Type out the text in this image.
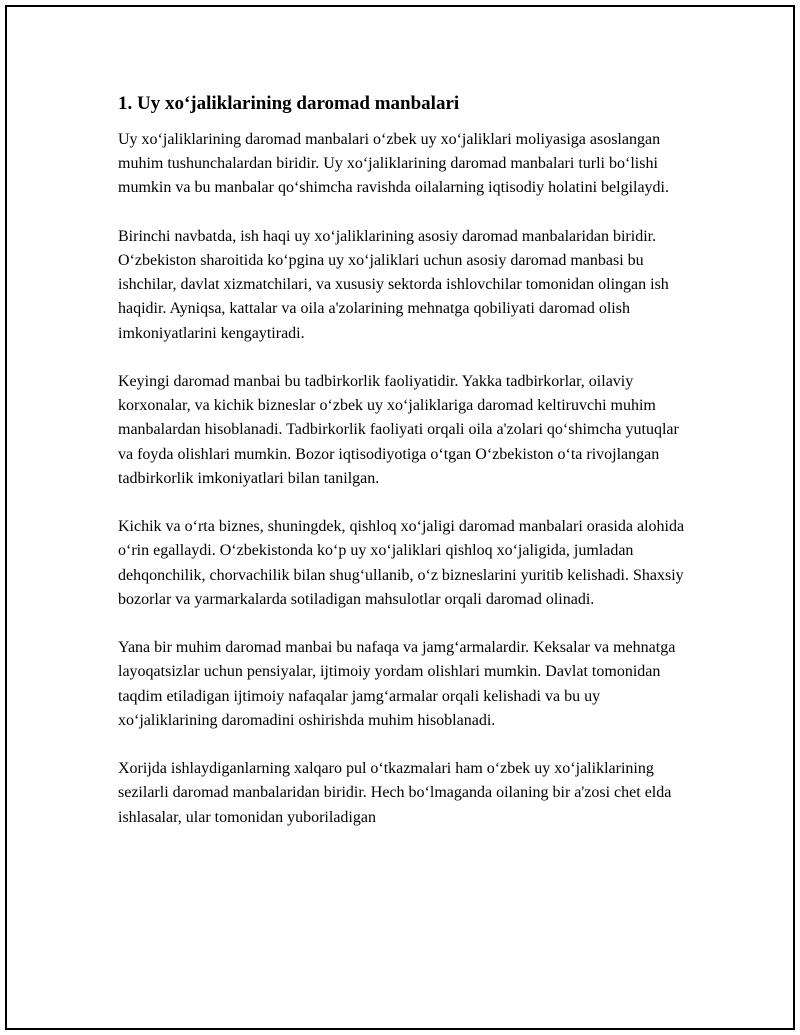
1. Uy xo‘jaliklarining daromad manbalari

Uy xo‘jaliklarining daromad manbalari o‘zbek uy xo‘jaliklari moliyasiga asoslangan muhim tushunchalardan biridir. Uy xo‘jaliklarining daromad manbalari turli bo‘lishi mumkin va bu manbalar qo‘shimcha ravishda oilalarning iqtisodiy holatini belgilaydi.

Birinchi navbatda, ish haqi uy xo‘jaliklarining asosiy daromad manbalaridan biridir. O‘zbekiston sharoitida ko‘pgina uy xo‘jaliklari uchun asosiy daromad manbasi bu ishchilar, davlat xizmatchilari, va xususiy sektorda ishlovchilar tomonidan olingan ish haqidir. Ayniqsa, kattalar va oila a'zolarining mehnatga qobiliyati daromad olish imkoniyatlarini kengaytiradi.

Keyingi daromad manbai bu tadbirkorlik faoliyatidir. Yakka tadbirkorlar, oilaviy korxonalar, va kichik bizneslar o‘zbek uy xo‘jaliklariga daromad keltiruvchi muhim manbalardan hisoblanadi. Tadbirkorlik faoliyati orqali oila a'zolari qo‘shimcha yutuqlar va foyda olishlari mumkin. Bozor iqtisodiyotiga o‘tgan O‘zbekiston o‘ta rivojlangan tadbirkorlik imkoniyatlari bilan tanilgan.

Kichik va o‘rta biznes, shuningdek, qishloq xo‘jaligi daromad manbalari orasida alohida o‘rin egallaydi. O‘zbekistonda ko‘p uy xo‘jaliklari qishloq xo‘jaligida, jumladan dehqonchilik, chorvachilik bilan shug‘ullanib, o‘z bizneslarini yuritib kelishadi. Shaxsiy bozorlar va yarmarkalarda sotiladigan mahsulotlar orqali daromad olinadi.

Yana bir muhim daromad manbai bu nafaqa va jamg‘armalardir. Keksalar va mehnatga layoqatsizlar uchun pensiyalar, ijtimoiy yordam olishlari mumkin. Davlat tomonidan taqdim etiladigan ijtimoiy nafaqalar jamg‘armalar orqali kelishadi va bu uy xo‘jaliklarining daromadini oshirishda muhim hisoblanadi.

Xorijda ishlaydiganlarning xalqaro pul o‘tkazmalari ham o‘zbek uy xo‘jaliklarining sezilarli daromad manbalaridan biridir. Hech bo‘lmaganda oilaning bir a'zosi chet elda ishlasalar, ular tomonidan yuboriladigan
